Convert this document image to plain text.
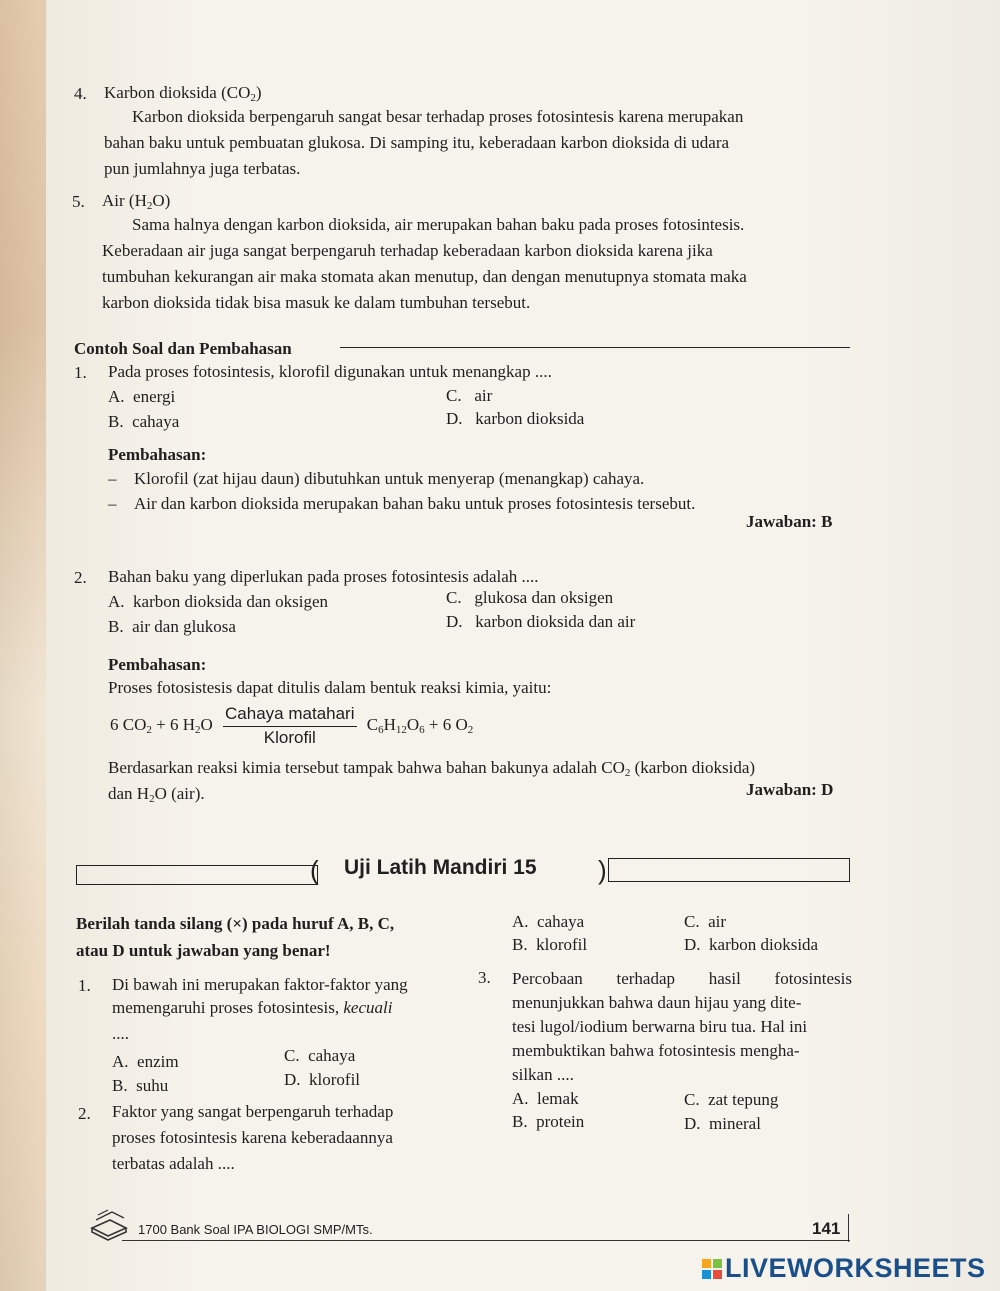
4. Karbon dioksida $(CO_2)$

Karbon dioksida berpengaruh sangat besar terhadap proses fotosintesis karena merupakan

bahan baku untuk pembuatan glukosa. Di samping itu, keberadaan karbon dioksida di udara

pun jumlahnya juga terbatas.

5. Air $(H_2O)$

Sama halnya dengan karbon dioksida, air merupakan bahan baku pada proses fotosintesis.

Keberadaan air juga sangat berpengaruh terhadap keberadaan karbon dioksida karena jika

tumbuhan kekurangan air maka stomata akan menutup, dan dengan menutupnya stomata maka

karbon dioksida tidak bisa masuk ke dalam tumbuhan tersebut.

Contoh Soal dan Pembahasan
1. Pada proses fotosintesis, klorofil digunakan untuk menangkap ....
A. energi	C. air
B. cahaya	D. karbon dioksida
Pembahasan:
– Klorofil (zat hijau daun) dibutuhkan untuk menyerap (menangkap) cahaya.
– Air dan karbon dioksida merupakan bahan baku untuk proses fotosintesis tersebut.
Jawaban: B
2. Bahan baku yang diperlukan pada proses fotosintesis adalah ....
A. karbon dioksida dan oksigen	C. glukosa dan oksigen
B. air dan glukosa	D. karbon dioksida dan air
Pembahasan:
Proses fotosistesis dapat ditulis dalam bentuk reaksi kimia, yaitu:
6 $CO_2 + 6$ $H_2O \frac{\text{Cahaya matahari}}{\text{Klorofil}} C_6H_{12}O_6 + 6$ $O_2$
Berdasarkan reaksi kimia tersebut tampak bahwa bahan bakunya adalah $CO_2$ (karbon dioksida)
dan $H_2O$ (air).	Jawaban: D
( Uji Latih Mandiri 15 )
Berilah tanda silang (×) pada huruf A, B, C,
atau D untuk jawaban yang benar!
1. Di bawah ini merupakan faktor-faktor yang
memengaruhi proses fotosintesis, kecuali
....
A. enzim	C. cahaya
B. suhu	D. klorofil
2. Faktor yang sangat berpengaruh terhadap
proses fotosintesis karena keberadaannya
terbatas adalah ....
A. cahaya	C. air
B. klorofil	D. karbon dioksida
3. Percobaan terhadap hasil fotosintesis

menunjukkan bahwa daun hijau yang dite-

tesi lugol/iodium berwarna biru tua. Hal ini

membuktikan bahwa fotosintesis mengha-

silkan ....

A. lemak	C. zat tepung
B. protein	D. mineral
1700 Bank Soal IPA BIOLOGI SMP/MTs.	141
LIVEWORKSHEETS
